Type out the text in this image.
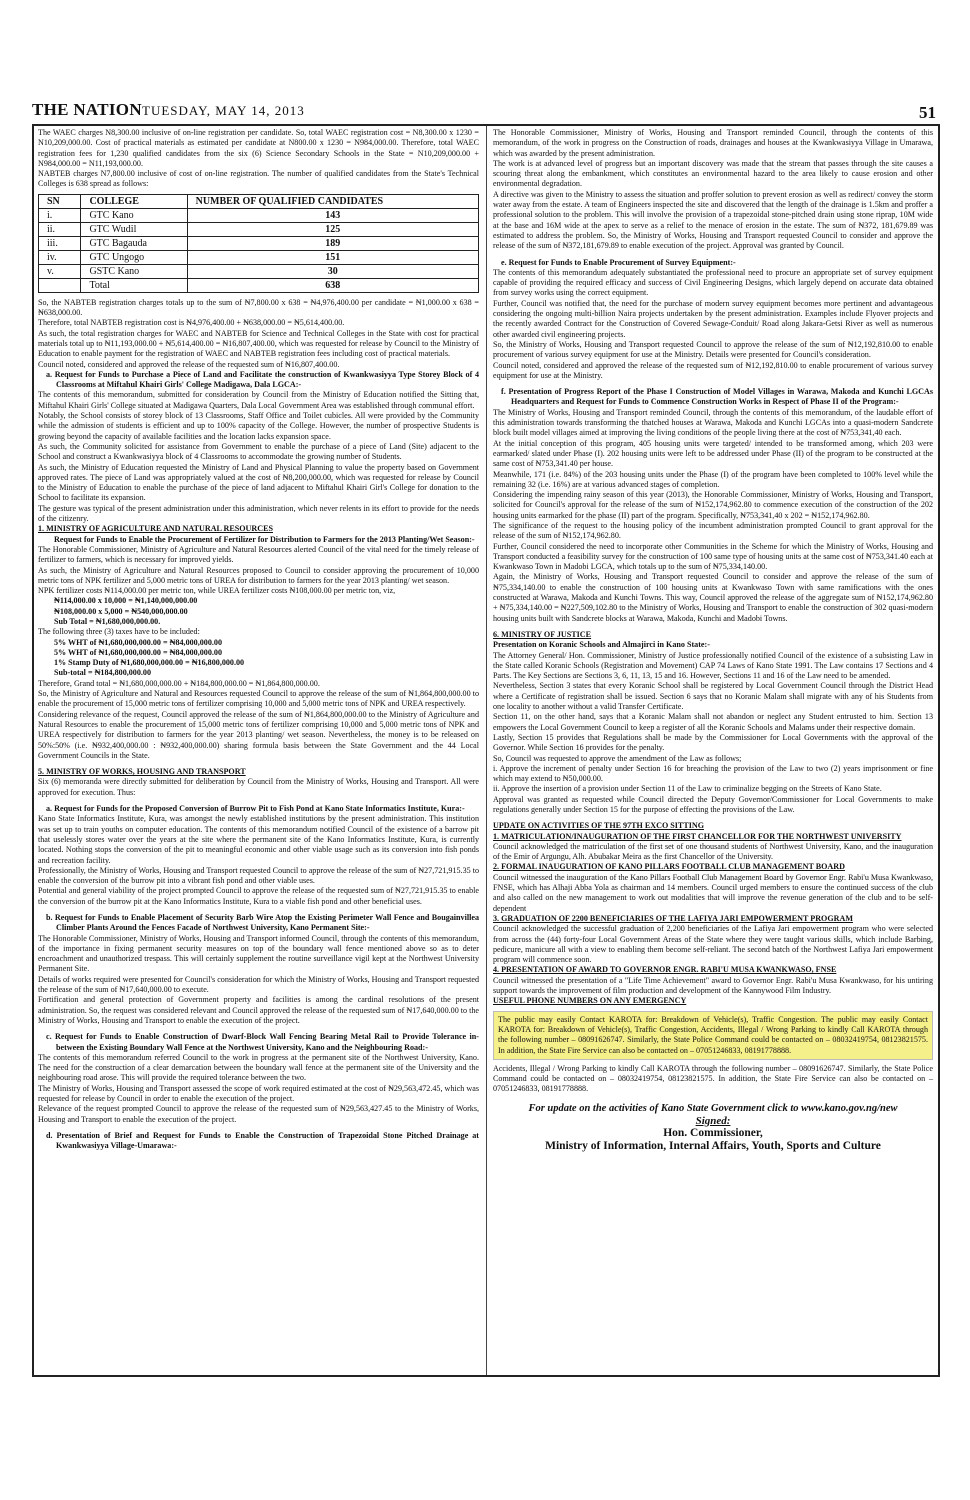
THE NATION TUESDAY, MAY 14, 2013	51

The WAEC charges N8,300.00 inclusive of on-line registration per candidate. So, total WAEC registration cost = N8,300.00 x 1230 = N10,209,000.00. Cost of practical materials as estimated per candidate at N800.00 x 1230 = N984,000.00. Therefore, total WAEC registration fees for 1,230 qualified candidates from the six (6) Science Secondary Schools in the State = N10,209,000.00 + N984,000.00 = N11,193,000.00.

NABTEB charges N7,800.00 inclusive of cost of on-line registration. The number of qualified candidates from the State's Technical Colleges is 638 spread as follows:

SN	COLLEGE	NUMBER OF QUALIFIED CANDIDATES
i.	GTC Kano	143
ii.	GTC Wudil	125
iii.	GTC Bagauda	189
iv.	GTC Ungogo	151
v.	GSTC Kano	30
	Total	638

So, the NABTEB registration charges totals up to the sum of ₦7,800.00 x 638 = ₦4,976,400.00 per candidate = ₦1,000.00 x 638 = ₦638,000.00.

Therefore, total NABTEB registration cost is ₦4,976,400.00 + ₦638,000.00 = ₦5,614,400.00.

As such, the total registration charges for WAEC and NABTEB for Science and Technical Colleges in the State with cost for practical materials total up to ₦11,193,000.00 + ₦5,614,400.00 = ₦16,807,400.00, which was requested for release by Council to the Ministry of Education to enable payment for the registration of WAEC and NABTEB registration fees including cost of practical materials.

Council noted, considered and approved the release of the requested sum of ₦16,807,400.00.

a. Request for Funds to Purchase a Piece of Land and Facilitate the construction of Kwankwasiyya Type Storey Block of 4 Classrooms at Miftahul Khairi Girls' College Madigawa, Dala LGCA:-

The contents of this memorandum, submitted for consideration by Council from the Ministry of Education notified the Sitting that, Miftahul Khairi Girls' College situated at Madigawa Quarters, Dala Local Government Area was established through communal effort.

Notably, the School consists of storey block of 13 Classrooms, Staff Office and Toilet cubicles. All were provided by the Community while the admission of students is efficient and up to 100% capacity of the College. However, the number of prospective Students is growing beyond the capacity of available facilities and the location lacks expansion space.

As such, the Community solicited for assistance from Government to enable the purchase of a piece of Land (Site) adjacent to the School and construct a Kwankwasiyya block of 4 Classrooms to accommodate the growing number of Students.

As such, the Ministry of Education requested the Ministry of Land and Physical Planning to value the property based on Government approved rates. The piece of Land was appropriately valued at the cost of ₦8,200,000.00, which was requested for release by Council to the Ministry of Education to enable the purchase of the piece of land adjacent to Miftahul Khairi Girl's College for donation to the School to facilitate its expansion.

The gesture was typical of the present administration under this administration, which never relents in its effort to provide for the needs of the citizenry.

1. MINISTRY OF AGRICULTURE AND NATURAL RESOURCES

Request for Funds to Enable the Procurement of Fertilizer for Distribution to Farmers for the 2013 Planting/Wet Season:-

The Honorable Commissioner, Ministry of Agriculture and Natural Resources alerted Council of the vital need for the timely release of fertilizer to farmers, which is necessary for improved yields.

As such, the Ministry of Agriculture and Natural Resources proposed to Council to consider approving the procurement of 10,000 metric tons of NPK fertilizer and 5,000 metric tons of UREA for distribution to farmers for the year 2013 planting/ wet season.

NPK fertilizer costs ₦114,000.00 per metric ton, while UREA fertilizer costs ₦108,000.00 per metric ton, viz,

₦114,000.00 x 10,000 = ₦1,140,000,000.00

₦108,000.00 x 5,000 = ₦540,000,000.00

Sub Total = ₦1,680,000,000.00.

The following three (3) taxes have to be included:

5% WHT of ₦1,680,000,000.00 = ₦84,000,000.00

5% WHT of ₦1,680,000,000.00 = ₦84,000,000.00

1% Stamp Duty of ₦1,680,000,000.00 = ₦16,800,000.00

Sub-total = ₦184,800,000.00

Therefore, Grand total = ₦1,680,000,000.00 + ₦184,800,000.00 = ₦1,864,800,000.00.

So, the Ministry of Agriculture and Natural and Resources requested Council to approve the release of the sum of ₦1,864,800,000.00 to enable the procurement of 15,000 metric tons of fertilizer comprising 10,000 and 5,000 metric tons of NPK and UREA respectively.

Considering relevance of the request, Council approved the release of the sum of ₦1,864,800,000.00 to the Ministry of Agriculture and Natural Resources to enable the procurement of 15,000 metric tons of fertilizer comprising 10,000 and 5,000 metric tons of NPK and UREA respectively for distribution to farmers for the year 2013 planting/ wet season. Nevertheless, the money is to be released on 50%:50% (i.e. ₦932,400,000.00 : ₦932,400,000.00) sharing formula basis between the State Government and the 44 Local Government Councils in the State.

5. MINISTRY OF WORKS, HOUSING AND TRANSPORT

Six (6) memoranda were directly submitted for deliberation by Council from the Ministry of Works, Housing and Transport. All were approved for execution. Thus:

a. Request for Funds for the Proposed Conversion of Burrow Pit to Fish Pond at Kano State Informatics Institute, Kura:-

Kano State Informatics Institute, Kura, was amongst the newly established institutions by the present administration. This institution was set up to train youths on computer education. The contents of this memorandum notified Council of the existence of a barrow pit that uselessly stores water over the years at the site where the permanent site of the Kano Informatics Institute, Kura, is currently located. Nothing stops the conversion of the pit to meaningful economic and other viable usage such as its conversion into fish ponds and recreation facility.

Professionally, the Ministry of Works, Housing and Transport requested Council to approve the release of the sum of ₦27,721,915.35 to enable the conversion of the burrow pit into a vibrant fish pond and other viable uses.

Potential and general viability of the project prompted Council to approve the release of the requested sum of ₦27,721,915.35 to enable the conversion of the burrow pit at the Kano Informatics Institute, Kura to a viable fish pond and other beneficial uses.

b. Request for Funds to Enable Placement of Security Barb Wire Atop the Existing Perimeter Wall Fence and Bougainvillea Climber Plants Around the Fences Facade of Northwest University, Kano Permanent Site:-

The Honorable Commissioner, Ministry of Works, Housing and Transport informed Council, through the contents of this memorandum, of the importance in fixing permanent security measures on top of the boundary wall fence mentioned above so as to deter encroachment and unauthorized trespass. This will certainly supplement the routine surveillance vigil kept at the Northwest University Permanent Site.

Details of works required were presented for Council's consideration for which the Ministry of Works, Housing and Transport requested the release of the sum of ₦17,640,000.00 to execute.

Fortification and general protection of Government property and facilities is among the cardinal resolutions of the present administration. So, the request was considered relevant and Council approved the release of the requested sum of ₦17,640,000.00 to the Ministry of Works, Housing and Transport to enable the execution of the project.

c. Request for Funds to Enable Construction of Dwarf-Block Wall Fencing Bearing Metal Rail to Provide Tolerance in-between the Existing Boundary Wall Fence at the Northwest University, Kano and the Neighbouring Road:-

The contents of this memorandum referred Council to the work in progress at the permanent site of the Northwest University, Kano. The need for the construction of a clear demarcation between the boundary wall fence at the permanent site of the University and the neighbouring road arose. This will provide the required tolerance between the two.

The Ministry of Works, Housing and Transport assessed the scope of work required estimated at the cost of ₦29,563,472.45, which was requested for release by Council in order to enable the execution of the project.

Relevance of the request prompted Council to approve the release of the requested sum of ₦29,563,427.45 to the Ministry of Works, Housing and Transport to enable the execution of the project.

d. Presentation of Brief and Request for Funds to Enable the Construction of Trapezoidal Stone Pitched Drainage at Kwankwasiyya Village-Umarawa:-

The Honorable Commissioner, Ministry of Works, Housing and Transport reminded Council, through the contents of this memorandum, of the work in progress on the Construction of roads, drainages and houses at the Kwankwasiyya Village in Umarawa, which was awarded by the present administration.

The work is at advanced level of progress but an important discovery was made that the stream that passes through the site causes a scouring threat along the embankment, which constitutes an environmental hazard to the area likely to cause erosion and other environmental degradation.

A directive was given to the Ministry to assess the situation and proffer solution to prevent erosion as well as redirect/ convey the storm water away from the estate. A team of Engineers inspected the site and discovered that the length of the drainage is 1.5km and proffer a professional solution to the problem. This will involve the provision of a trapezoidal stone-pitched drain using stone riprap, 10M wide at the base and 16M wide at the apex to serve as a relief to the menace of erosion in the estate. The sum of ₦372, 181,679.89 was estimated to address the problem. So, the Ministry of Works, Housing and Transport requested Council to consider and approve the release of the sum of ₦372,181,679.89 to enable execution of the project. Approval was granted by Council.

e. Request for Funds to Enable Procurement of Survey Equipment:-

The contents of this memorandum adequately substantiated the professional need to procure an appropriate set of survey equipment capable of providing the required efficacy and success of Civil Engineering Designs, which largely depend on accurate data obtained from survey works using the correct equipment.

Further, Council was notified that, the need for the purchase of modern survey equipment becomes more pertinent and advantageous considering the ongoing multi-billion Naira projects undertaken by the present administration. Examples include Flyover projects and the recently awarded Contract for the Construction of Covered Sewage-Conduit/ Road along Jakara-Getsi River as well as numerous other awarded civil engineering projects.

So, the Ministry of Works, Housing and Transport requested Council to approve the release of the sum of ₦12,192,810.00 to enable procurement of various survey equipment for use at the Ministry. Details were presented for Council's consideration.

Council noted, considered and approved the release of the requested sum of ₦12,192,810.00 to enable procurement of various survey equipment for use at the Ministry.

f. Presentation of Progress Report of the Phase I Construction of Model Villages in Warawa, Makoda and Kunchi LGCAs Headquarters and Request for Funds to Commence Construction Works in Respect of Phase II of the Program:-

The Ministry of Works, Housing and Transport reminded Council, through the contents of this memorandum, of the laudable effort of this administration towards transforming the thatched houses at Warawa, Makoda and Kunchi LGCAs into a quasi-modern Sandcrete block built model villages aimed at improving the living conditions of the people living there at the cost of ₦753,341,40 each.

At the initial conception of this program, 405 housing units were targeted/ intended to be transformed among, which 203 were earmarked/ slated under Phase (I). 202 housing units were left to be addressed under Phase (II) of the program to be constructed at the same cost of ₦753,341.40 per house.

Meanwhile, 171 (i.e. 84%) of the 203 housing units under the Phase (I) of the program have been completed to 100% level while the remaining 32 (i.e. 16%) are at various advanced stages of completion.

Considering the impending rainy season of this year (2013), the Honorable Commissioner, Ministry of Works, Housing and Transport, solicited for Council's approval for the release of the sum of ₦152,174,962.80 to commence execution of the construction of the 202 housing units earmarked for the phase (II) part of the program. Specifically, ₦753,341,40 x 202 = ₦152,174,962.80.

The significance of the request to the housing policy of the incumbent administration prompted Council to grant approval for the release of the sum of ₦152,174,962.80.

Further, Council considered the need to incorporate other Communities in the Scheme for which the Ministry of Works, Housing and Transport conducted a feasibility survey for the construction of 100 same type of housing units at the same cost of ₦753,341.40 each at Kwankwaso Town in Madobi LGCA, which totals up to the sum of ₦75,334,140.00.

Again, the Ministry of Works, Housing and Transport requested Council to consider and approve the release of the sum of ₦75,334,140.00 to enable the construction of 100 housing units at Kwankwaso Town with same ramifications with the ones constructed at Warawa, Makoda and Kunchi Towns. This way, Council approved the release of the aggregate sum of ₦152,174,962.80 + ₦75,334,140.00 = ₦227,509,102.80 to the Ministry of Works, Housing and Transport to enable the construction of 302 quasi-modern housing units built with Sandcrete blocks at Warawa, Makoda, Kunchi and Madobi Towns.

6. MINISTRY OF JUSTICE

Presentation on Koranic Schools and Almajirci in Kano State:-

The Attorney General/ Hon. Commissioner, Ministry of Justice professionally notified Council of the existence of a subsisting Law in the State called Koranic Schools (Registration and Movement) CAP 74 Laws of Kano State 1991. The Law contains 17 Sections and 4 Parts. The Key Sections are Sections 3, 6, 11, 13, 15 and 16. However, Sections 11 and 16 of the Law need to be amended.

Nevertheless, Section 3 states that every Koranic School shall be registered by Local Government Council through the District Head where a Certificate of registration shall be issued. Section 6 says that no Koranic Malam shall migrate with any of his Students from one locality to another without a valid Transfer Certificate.

Section 11, on the other hand, says that a Koranic Malam shall not abandon or neglect any Student entrusted to him. Section 13 empowers the Local Government Council to keep a register of all the Koranic Schools and Malams under their respective domain.

Lastly, Section 15 provides that Regulations shall be made by the Commissioner for Local Governments with the approval of the Governor. While Section 16 provides for the penalty.

So, Council was requested to approve the amendment of the Law as follows;

i. Approve the increment of penalty under Section 16 for breaching the provision of the Law to two (2) years imprisonment or fine which may extend to ₦50,000.00.

ii. Approve the insertion of a provision under Section 11 of the Law to criminalize begging on the Streets of Kano State.

Approval was granted as requested while Council directed the Deputy Governor/Commissioner for Local Governments to make regulations generally under Section 15 for the purpose of effecting the provisions of the Law.

UPDATE ON ACTIVITIES OF THE 97TH EXCO SITTING

1. MATRICULATION/INAUGURATION OF THE FIRST CHANCELLOR FOR THE NORTHWEST UNIVERSITY

Council acknowledged the matriculation of the first set of one thousand students of Northwest University, Kano, and the inauguration of the Emir of Argungu, Alh. Abubakar Meira as the first Chancellor of the University.

2. FORMAL INAUGURATION OF KANO PILLARS FOOTBALL CLUB MANAGEMENT BOARD

Council witnessed the inauguration of the Kano Pillars Football Club Management Board by Governor Engr. Rabi'u Musa Kwankwaso, FNSE, which has Alhaji Abba Yola as chairman and 14 members. Council urged members to ensure the continued success of the club and also called on the new management to work out modalities that will improve the revenue generation of the club and to be self-dependent

3. GRADUATION OF 2200 BENEFICIARIES OF THE LAFIYA JARI EMPOWERMENT PROGRAM

Council acknowledged the successful graduation of 2,200 beneficiaries of the Lafiya Jari empowerment program who were selected from across the (44) forty-four Local Government Areas of the State where they were taught various skills, which include Barbing, pedicure, manicure all with a view to enabling them become self-reliant. The second batch of the Northwest Lafiya Jari empowerment program will commence soon.

4. PRESENTATION OF AWARD TO GOVERNOR ENGR. RABI'U MUSA KWANKWASO, FNSE

Council witnessed the presentation of a "Life Time Achievement" award to Governor Engr. Rabi'u Musa Kwankwaso, for his untiring support towards the improvement of film production and development of the Kannywood Film Industry.

USEFUL PHONE NUMBERS ON ANY EMERGENCY

The public may easily Contact KAROTA for: Breakdown of Vehicle(s), Traffic Congestion. The public may easily Contact KAROTA for: Breakdown of Vehicle(s), Traffic Congestion, Accidents, Illegal / Wrong Parking to kindly Call KAROTA through the following number – 08091626747. Similarly, the State Police Command could be contacted on – 08032419754, 08123821575. In addition, the State Fire Service can also be contacted on – 07051246833, 08191778888.

Accidents, Illegal / Wrong Parking to kindly Call KAROTA through the following number – 08091626747. Similarly, the State Police Command could be contacted on – 08032419754, 08123821575. In addition, the State Fire Service can also be contacted on – 07051246833, 08191778888.

For update on the activities of Kano State Government click to www.kano.gov.ng/new

Signed:

Hon. Commissioner,

Ministry of Information, Internal Affairs, Youth, Sports and Culture
